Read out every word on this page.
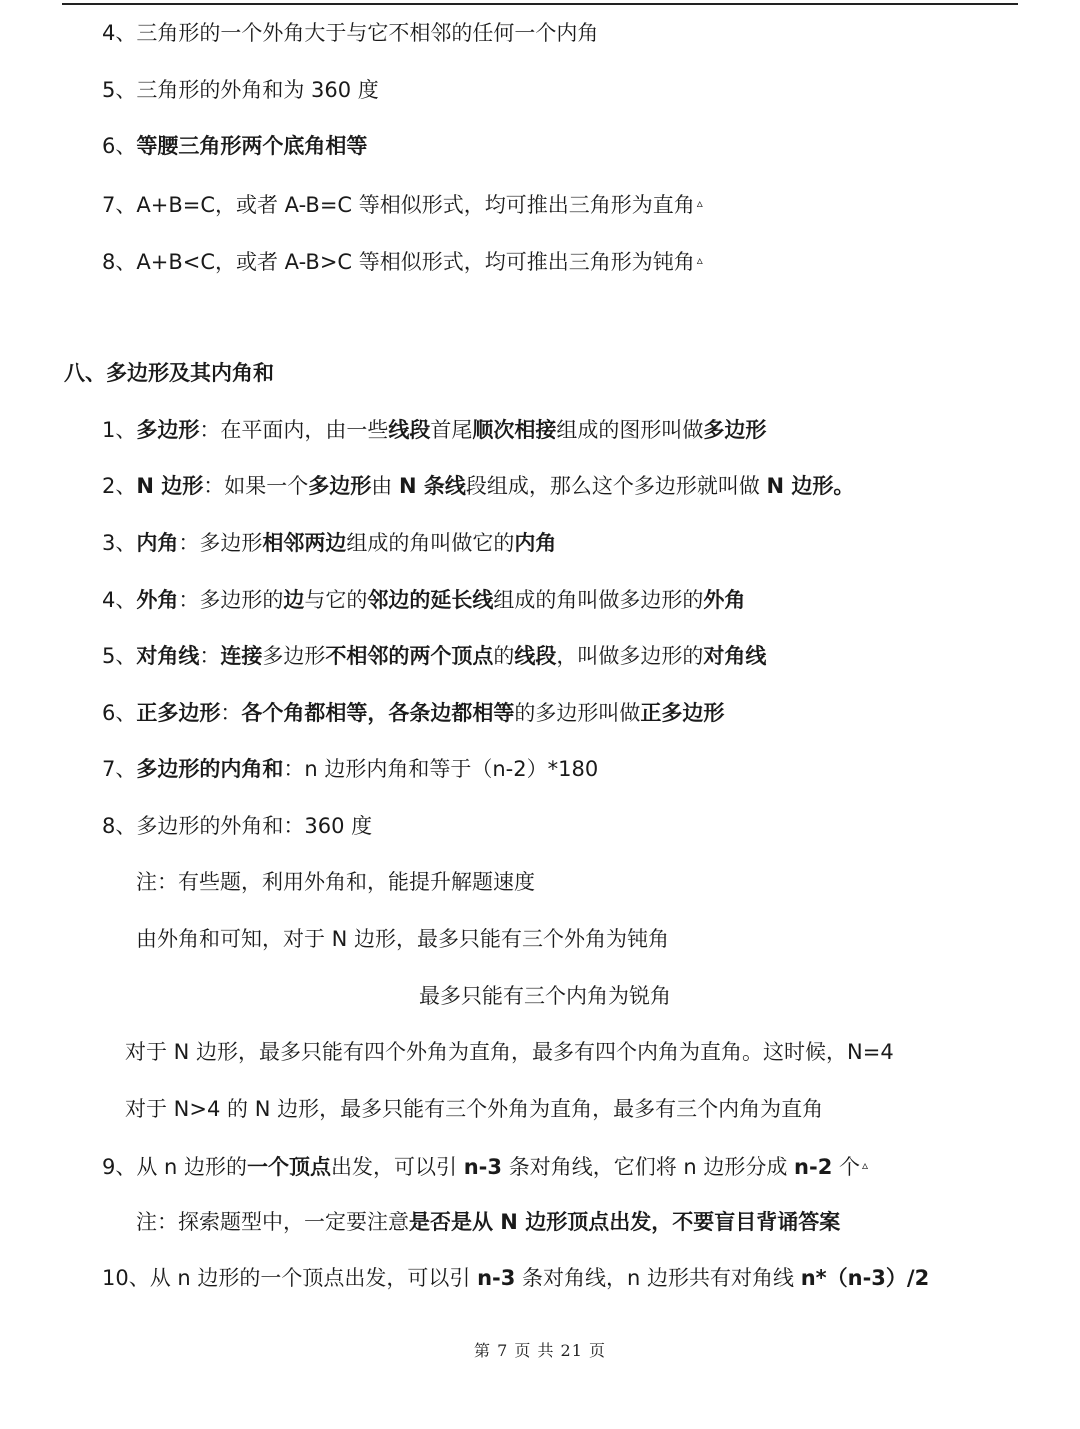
4、三角形的一个外角大于与它不相邻的任何一个内角
5、三角形的外角和为 360 度
6、等腰三角形两个底角相等
7、A+B=C，或者 A-B=C 等相似形式，均可推出三角形为直角 ▵
8、A+B<C，或者 A-B>C 等相似形式，均可推出三角形为钝角 ▵
八、多边形及其内角和
1、多边形：在平面内，由一些线段首尾顺次相接组成的图形叫做多边形
2、N 边形：如果一个多边形由 N 条线段组成，那么这个多边形就叫做 N 边形。
3、内角：多边形相邻两边组成的角叫做它的内角
4、外角：多边形的边与它的邻边的延长线组成的角叫做多边形的外角
5、对角线：连接多边形不相邻的两个顶点的线段，叫做多边形的对角线
6、正多边形：各个角都相等，各条边都相等的多边形叫做正多边形
7、多边形的内角和：n 边形内角和等于（n-2）*180
8、多边形的外角和：360 度
注：有些题，利用外角和，能提升解题速度
由外角和可知，对于 N 边形，最多只能有三个外角为钝角
最多只能有三个内角为锐角
对于 N 边形，最多只能有四个外角为直角，最多有四个内角为直角。这时候，N=4
对于 N>4 的 N 边形，最多只能有三个外角为直角，最多有三个内角为直角
9、从 n 边形的一个顶点出发，可以引 n-3 条对角线，它们将 n 边形分成 n-2 个 ▵
注：探索题型中，一定要注意是否是从 N 边形顶点出发，不要盲目背诵答案
10、从 n 边形的一个顶点出发，可以引 n-3 条对角线，n 边形共有对角线 n*（n-3）/2
第 7 页 共 21 页
